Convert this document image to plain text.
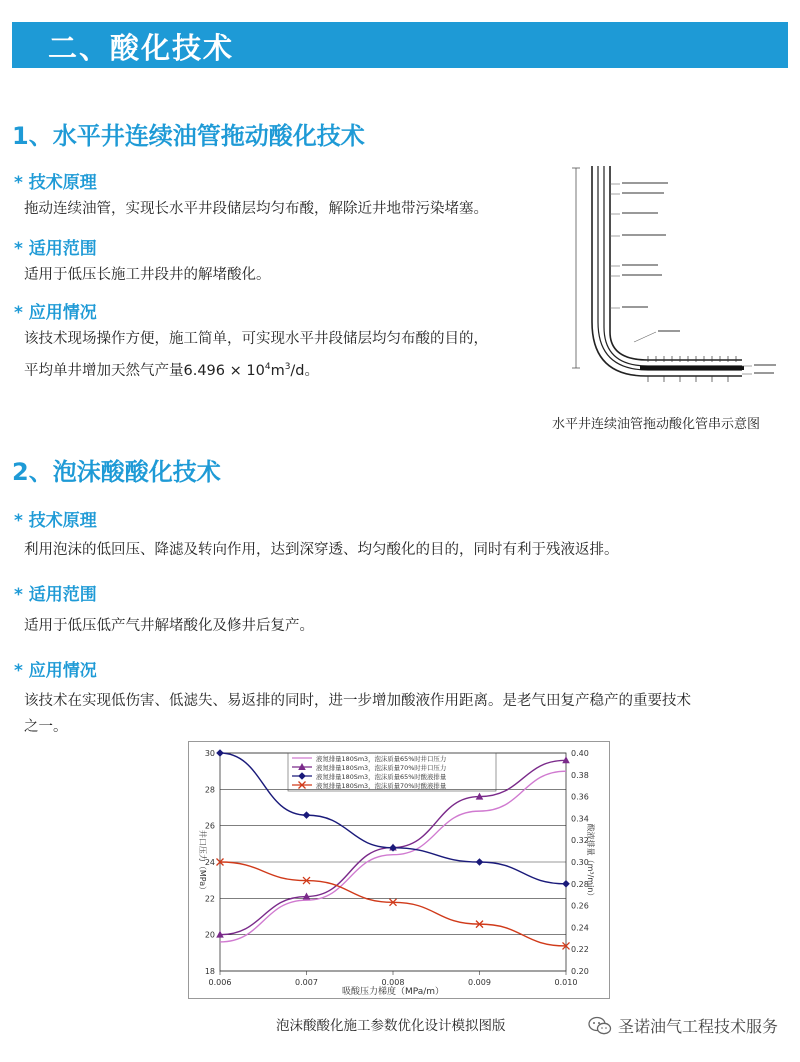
二、酸化技术
1、水平井连续油管拖动酸化技术
* 技术原理
拖动连续油管，实现长水平井段储层均匀布酸，解除近井地带污染堵塞。
* 适用范围
适用于低压长施工井段井的解堵酸化。
* 应用情况
该技术现场操作方便，施工简单，可实现水平井段储层均匀布酸的目的，
平均单井增加天然气产量$6.496 \times 10^4m^3/d$。
水平井连续油管拖动酸化管串示意图
2、泡沫酸酸化技术
* 技术原理
利用泡沫的低回压、降滤及转向作用，达到深穿透、均匀酸化的目的，同时有利于残液返排。
* 适用范围
适用于低压低产气井解堵酸化及修井后复产。
* 应用情况
该技术在实现低伤害、低滤失、易返排的同时，进一步增加酸液作用距离。是老气田复产稳产的重要技术
之一。
18
20
22
24
26
28
30
0.20
0.22
0.24
0.26
0.28
0.30
0.32
0.34
0.36
0.38
0.40
0.006	0.007	0.008	0.009	0.010
液氮排量180Sm3，泡沫质量65%时井口压力
液氮排量180Sm3，泡沫质量70%时井口压力
液氮排量180Sm3，泡沫质量65%时酸液排量
液氮排量180Sm3，泡沫质量70%时酸液排量
吸酸压力梯度（MPa/m）
井口压力（MPa）	酸液排量（m³/min）
泡沫酸酸化施工参数优化设计模拟图版	圣诺油气工程技术服务
